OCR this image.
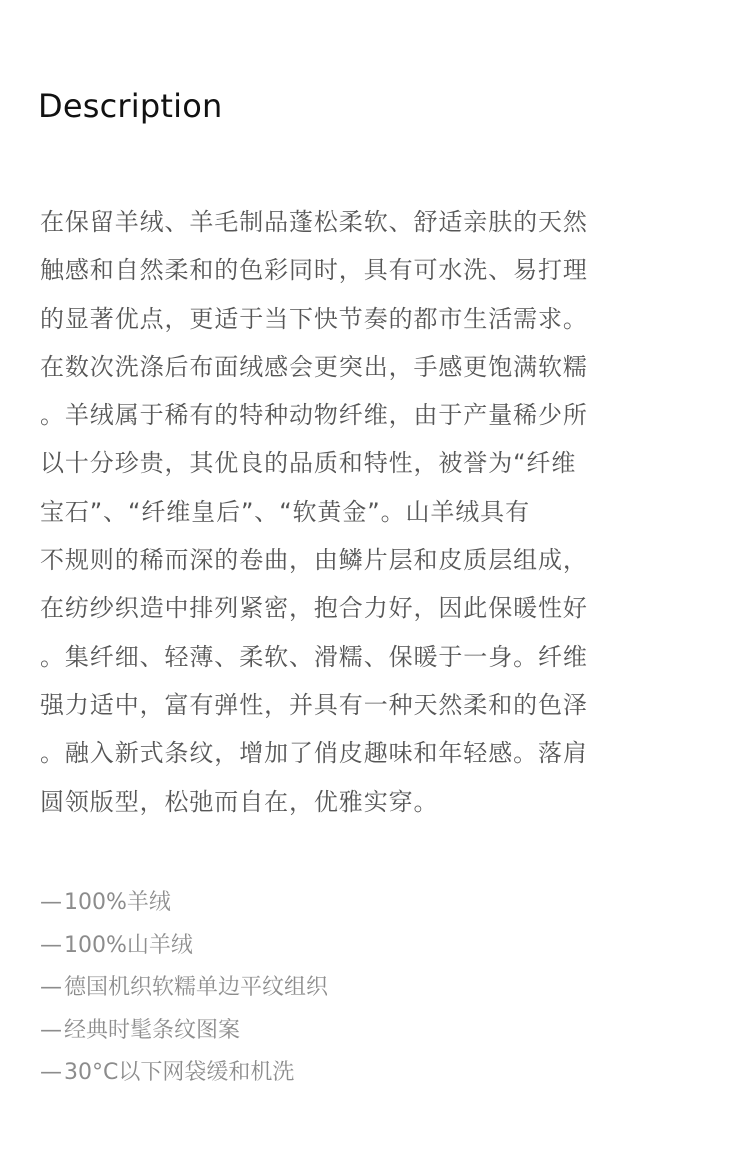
Description

在保留羊绒、羊毛制品蓬松柔软、舒适亲肤的天然
触感和自然柔和的色彩同时，具有可水洗、易打理
的显著优点，更适于当下快节奏的都市生活需求。
在数次洗涤后布面绒感会更突出，手感更饱满软糯
。羊绒属于稀有的特种动物纤维，由于产量稀少所
以十分珍贵，其优良的品质和特性，被誉为“纤维
宝石”、“纤维皇后”、“软黄金”。山羊绒具有
不规则的稀而深的卷曲，由鳞片层和皮质层组成，
在纺纱织造中排列紧密，抱合力好，因此保暖性好
。集纤细、轻薄、柔软、滑糯、保暖于一身。纤维
强力适中，富有弹性，并具有一种天然柔和的色泽
。融入新式条纹，增加了俏皮趣味和年轻感。落肩
圆领版型，松弛而自在，优雅实穿。

—100%羊绒
—100%山羊绒
—德国机织软糯单边平纹组织
—经典时髦条纹图案
—30°C以下网袋缓和机洗
